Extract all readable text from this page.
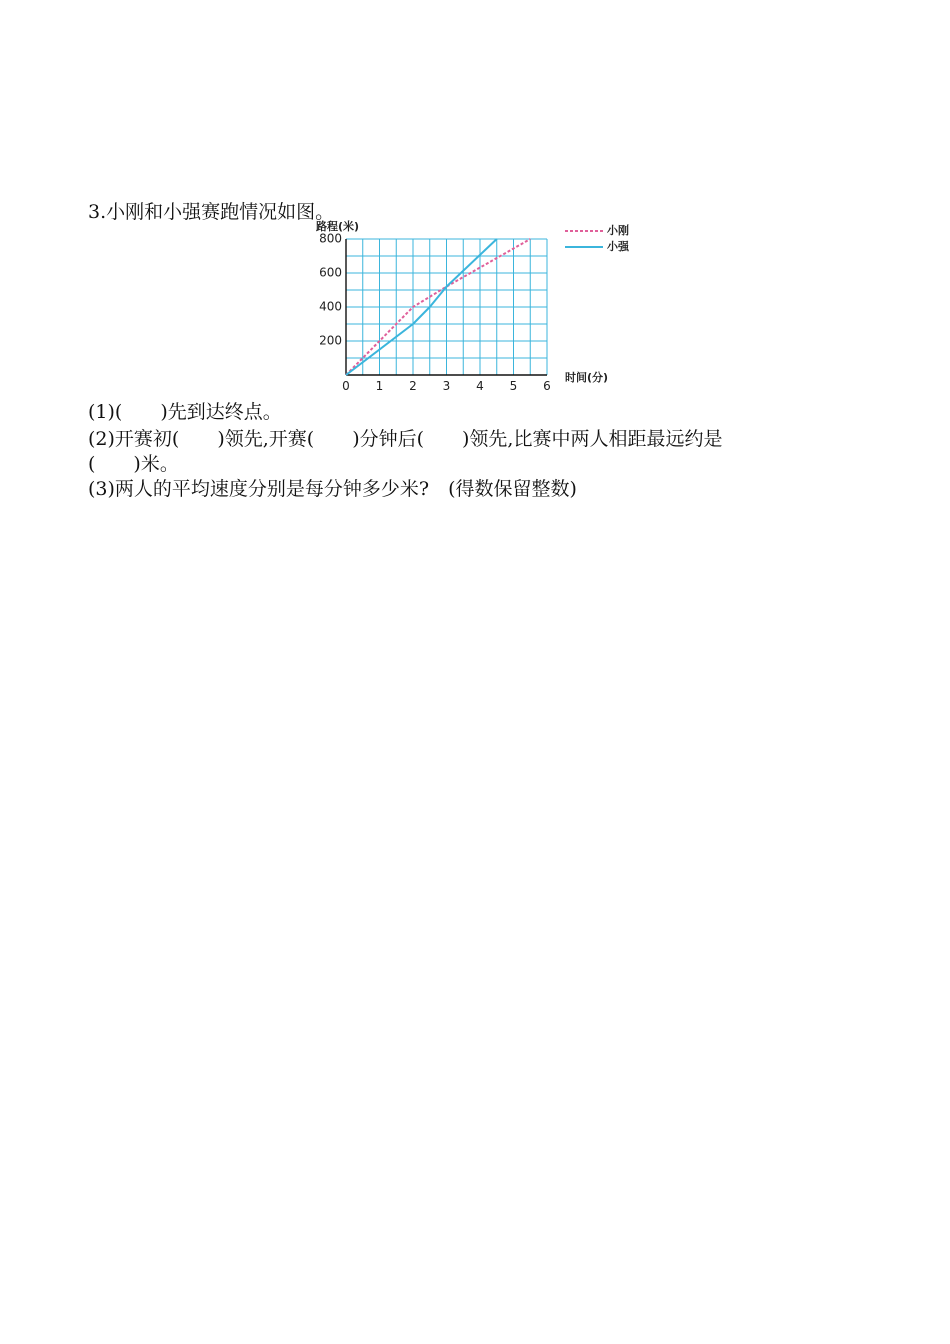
3.小刚和小强赛跑情况如图。
0 1 2 3 4 5 6
200
400
600
800
路程(米)
时间(分)
小刚
小强
(1)(　　)先到达终点。
(2)开赛初(　　)领先,开赛(　　)分钟后(　　)领先,比赛中两人相距最远约是
(　　)米。
(3)两人的平均速度分别是每分钟多少米?　(得数保留整数)
